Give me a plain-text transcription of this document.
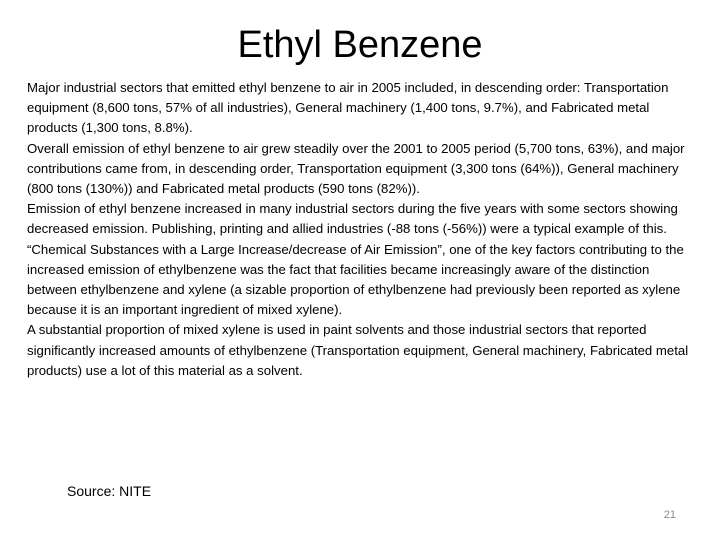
Ethyl Benzene

Major industrial sectors that emitted ethyl benzene to air in 2005 included, in descending order: Transportation equipment (8,600 tons, 57% of all industries), General machinery (1,400 tons, 9.7%), and Fabricated metal products (1,300 tons, 8.8%).

Overall emission of ethyl benzene to air grew steadily over the 2001 to 2005 period (5,700 tons, 63%), and major contributions came from, in descending order, Transportation equipment (3,300 tons (64%)), General machinery (800 tons (130%)) and Fabricated metal products (590 tons (82%)).

Emission of ethyl benzene increased in many industrial sectors during the five years with some sectors showing decreased emission. Publishing, printing and allied industries (-88 tons (-56%)) were a typical example of this.

“Chemical Substances with a Large Increase/decrease of Air Emission”, one of the key factors contributing to the increased emission of ethylbenzene was the fact that facilities became increasingly aware of the distinction between ethylbenzene and xylene (a sizable proportion of ethylbenzene had previously been reported as xylene because it is an important ingredient of mixed xylene).

A substantial proportion of mixed xylene is used in paint solvents and those industrial sectors that reported significantly increased amounts of ethylbenzene (Transportation equipment, General machinery, Fabricated metal products) use a lot of this material as a solvent.

Source: NITE
21
